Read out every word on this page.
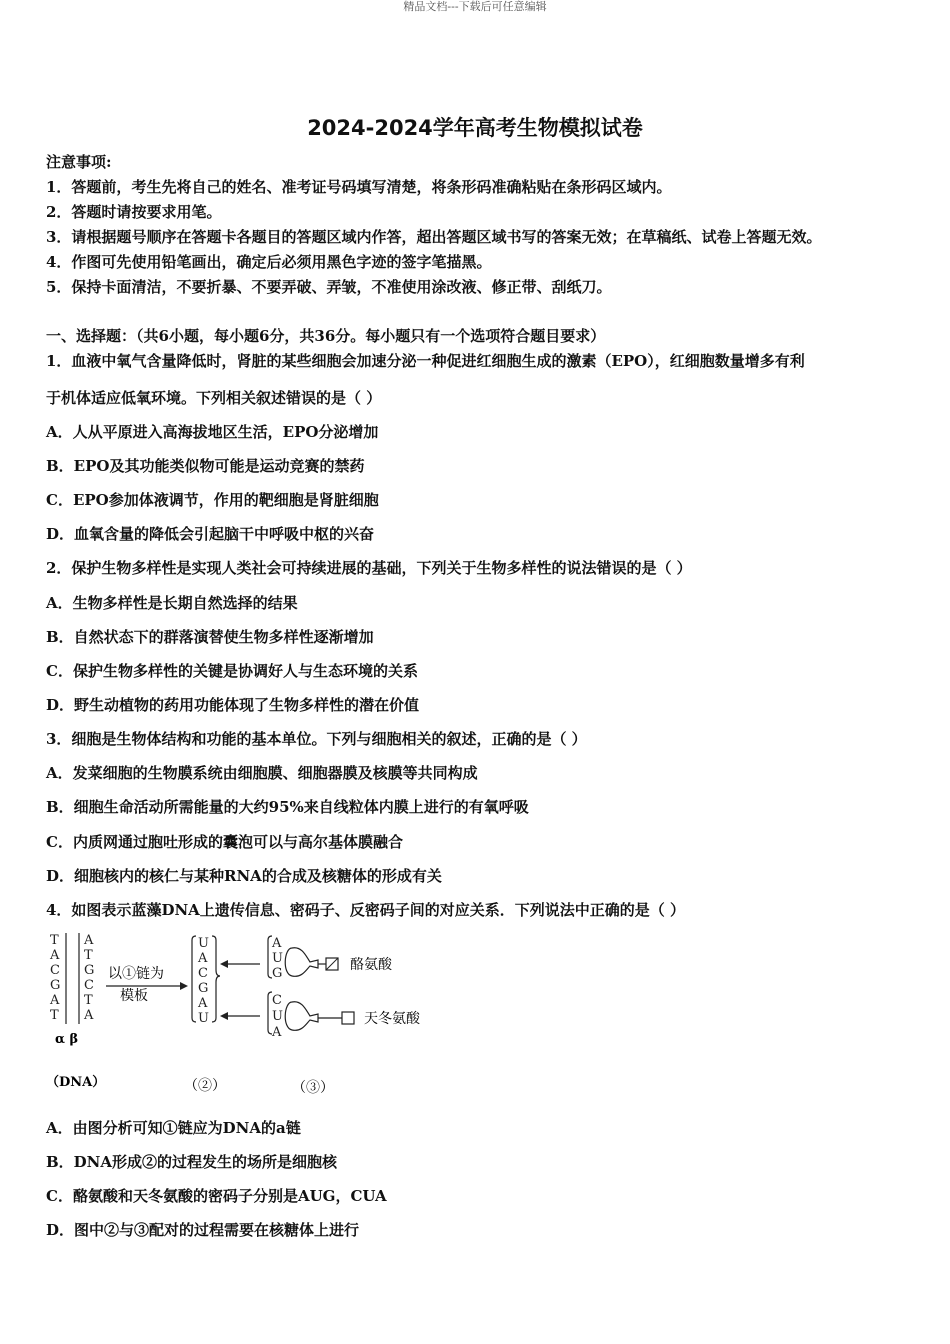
精品文档---下载后可任意编辑
2024-2024学年高考生物模拟试卷
注意事项:
1．答题前，考生先将自己的姓名、准考证号码填写清楚，将条形码准确粘贴在条形码区域内。
2．答题时请按要求用笔。
3．请根据题号顺序在答题卡各题目的答题区域内作答，超出答题区域书写的答案无效；在草稿纸、试卷上答题无效。
4．作图可先使用铅笔画出，确定后必须用黑色字迹的签字笔描黑。
5．保持卡面清洁，不要折暴、不要弄破、弄皱，不准使用涂改液、修正带、刮纸刀。
一、选择题：（共6小题，每小题6分，共36分。每小题只有一个选项符合题目要求）
1．血液中氧气含量降低时，肾脏的某些细胞会加速分泌一种促进红细胞生成的激素（EPO），红细胞数量增多有利
于机体适应低氧环境。下列相关叙述错误的是（ ）
A．人从平原进入高海拔地区生活，EPO分泌增加
B．EPO及其功能类似物可能是运动竞赛的禁药
C．EPO参加体液调节，作用的靶细胞是肾脏细胞
D．血氧含量的降低会引起脑干中呼吸中枢的兴奋
2．保护生物多样性是实现人类社会可持续进展的基础，下列关于生物多样性的说法错误的是（ ）
A．生物多样性是长期自然选择的结果
B．自然状态下的群落演替使生物多样性逐渐增加
C．保护生物多样性的关键是协调好人与生态环境的关系
D．野生动植物的药用功能体现了生物多样性的潜在价值
3．细胞是生物体结构和功能的基本单位。下列与细胞相关的叙述，正确的是（ ）
A．发菜细胞的生物膜系统由细胞膜、细胞器膜及核膜等共同构成
B．细胞生命活动所需能量的大约95%来自线粒体内膜上进行的有氧呼吸
C．内质网通过胞吐形成的囊泡可以与高尔基体膜融合
D．细胞核内的核仁与某种RNA的合成及核糖体的形成有关
4．如图表示蓝藻DNA上遗传信息、密码子、反密码子间的对应关系．下列说法中正确的是（ ）
T
A
C
G
A
T
A
T
G
C
T
A
α β
以①链为
模板
U
A
C
G
A
U
A
U
G
酪氨酸
C
U
A
天冬氨酸
（DNA）	（②）	（③）
A．由图分析可知①链应为DNA的a链
B．DNA形成②的过程发生的场所是细胞核
C．酪氨酸和天冬氨酸的密码子分别是AUG，CUA
D．图中②与③配对的过程需要在核糖体上进行
